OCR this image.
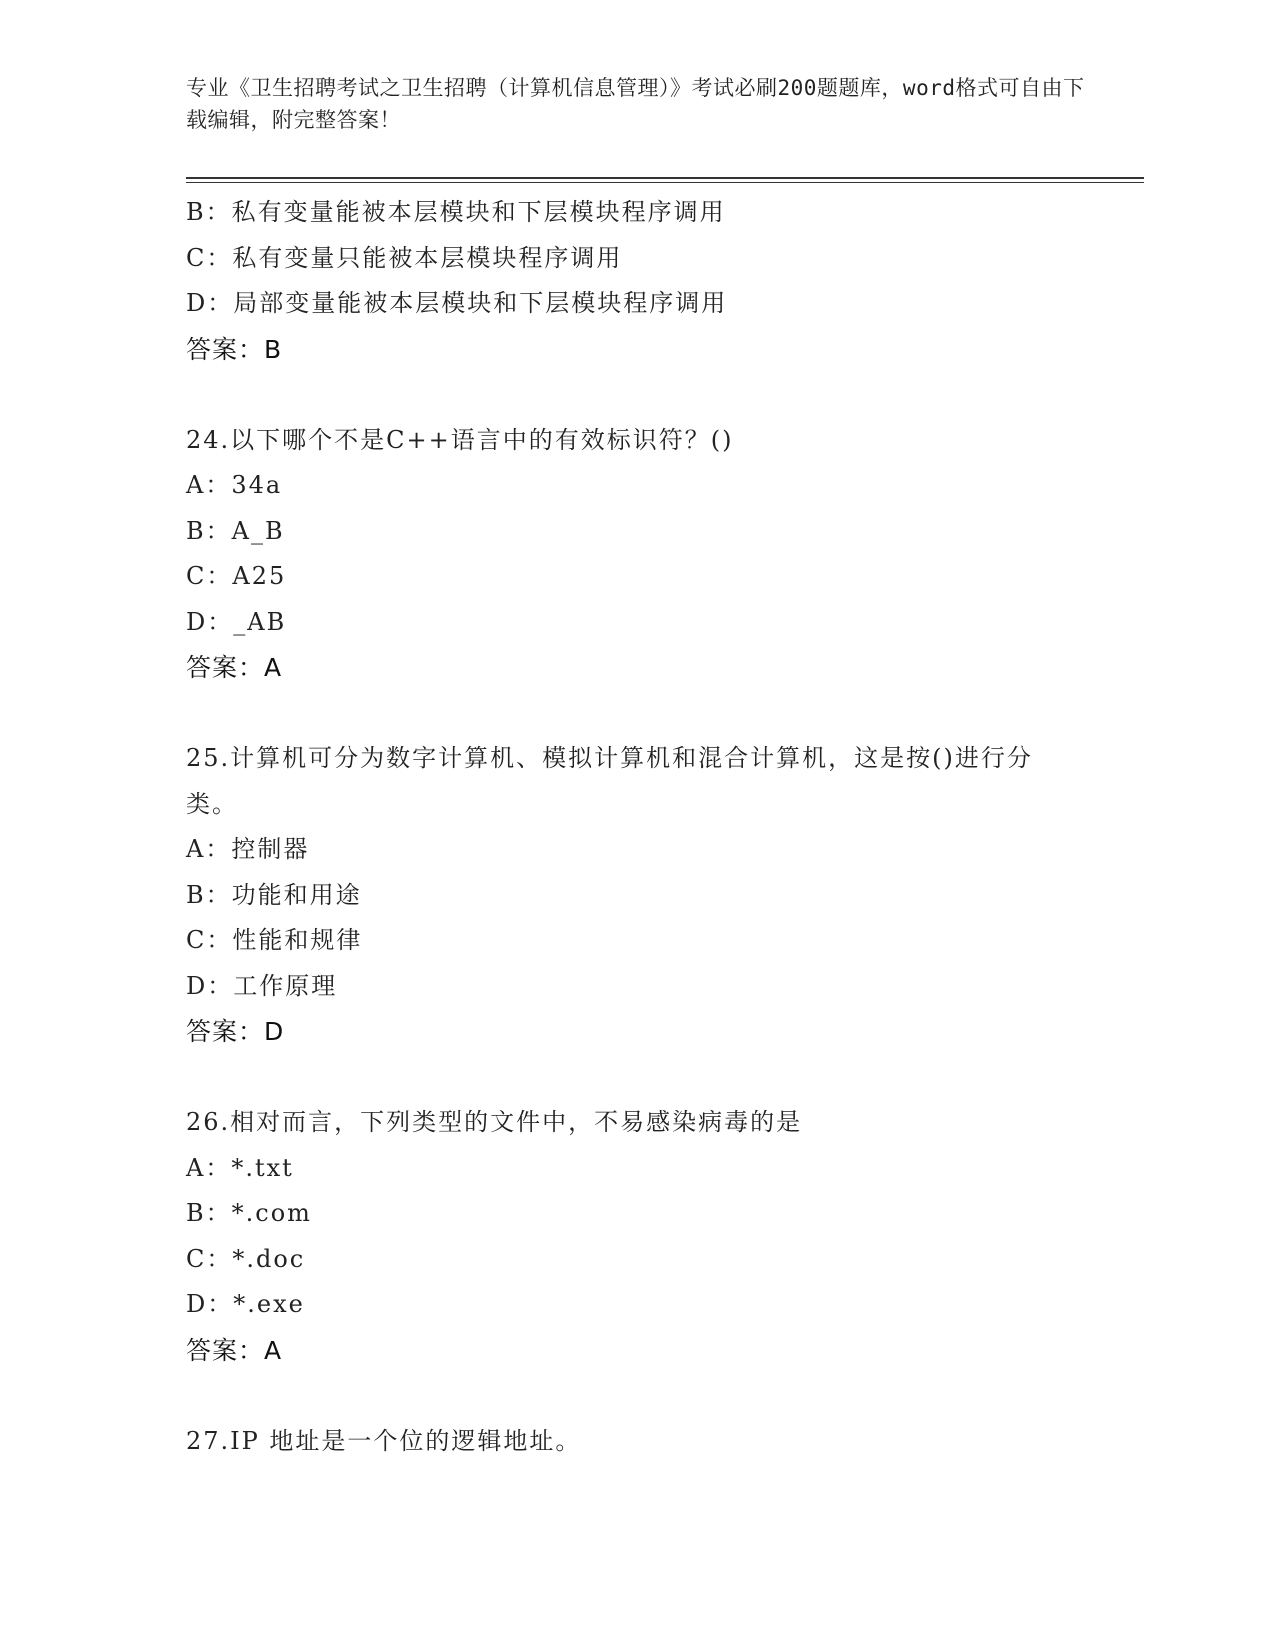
专业《卫生招聘考试之卫生招聘（计算机信息管理）》考试必刷200题题库，word格式可自由下载编辑，附完整答案！
B：私有变量能被本层模块和下层模块程序调用
C：私有变量只能被本层模块程序调用
D：局部变量能被本层模块和下层模块程序调用
答案：B
24.以下哪个不是C++语言中的有效标识符？()
A：34a
B：A_B
C：A25
D：_AB
答案：A
25.计算机可分为数字计算机、模拟计算机和混合计算机，这是按()进行分类。
A：控制器
B：功能和用途
C：性能和规律
D：工作原理
答案：D
26.相对而言，下列类型的文件中，不易感染病毒的是
A：*.txt
B：*.com
C：*.doc
D：*.exe
答案：A
27.IP 地址是一个位的逻辑地址。
